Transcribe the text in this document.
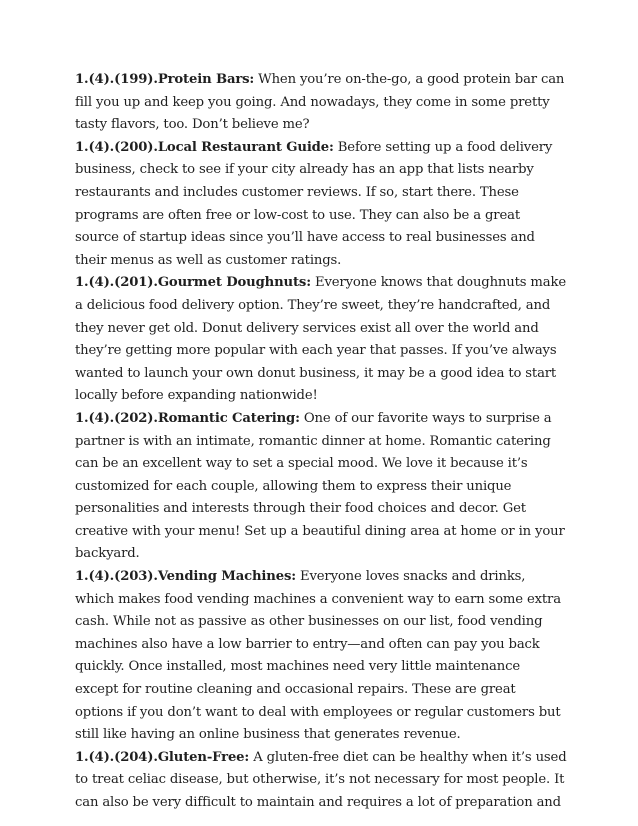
1.(4).(199).Protein Bars: When you’re on-the-go, a good protein bar can fill you up and keep you going. And nowadays, they come in some pretty tasty flavors, too. Don’t believe me?

1.(4).(200).Local Restaurant Guide: Before setting up a food delivery business, check to see if your city already has an app that lists nearby restaurants and includes customer reviews. If so, start there. These programs are often free or low-cost to use. They can also be a great source of startup ideas since you’ll have access to real businesses and their menus as well as customer ratings.

1.(4).(201).Gourmet Doughnuts: Everyone knows that doughnuts make a delicious food delivery option. They’re sweet, they’re handcrafted, and they never get old. Donut delivery services exist all over the world and they’re getting more popular with each year that passes. If you’ve always wanted to launch your own donut business, it may be a good idea to start locally before expanding nationwide!

1.(4).(202).Romantic Catering: One of our favorite ways to surprise a partner is with an intimate, romantic dinner at home. Romantic catering can be an excellent way to set a special mood. We love it because it’s customized for each couple, allowing them to express their unique personalities and interests through their food choices and decor. Get creative with your menu! Set up a beautiful dining area at home or in your backyard.

1.(4).(203).Vending Machines: Everyone loves snacks and drinks, which makes food vending machines a convenient way to earn some extra cash. While not as passive as other businesses on our list, food vending machines also have a low barrier to entry—and often can pay you back quickly. Once installed, most machines need very little maintenance except for routine cleaning and occasional repairs. These are great options if you don’t want to deal with employees or regular customers but still like having an online business that generates revenue.

1.(4).(204).Gluten-Free: A gluten-free diet can be healthy when it’s used to treat celiac disease, but otherwise, it’s not necessary for most people. It can also be very difficult to maintain and requires a lot of preparation and
